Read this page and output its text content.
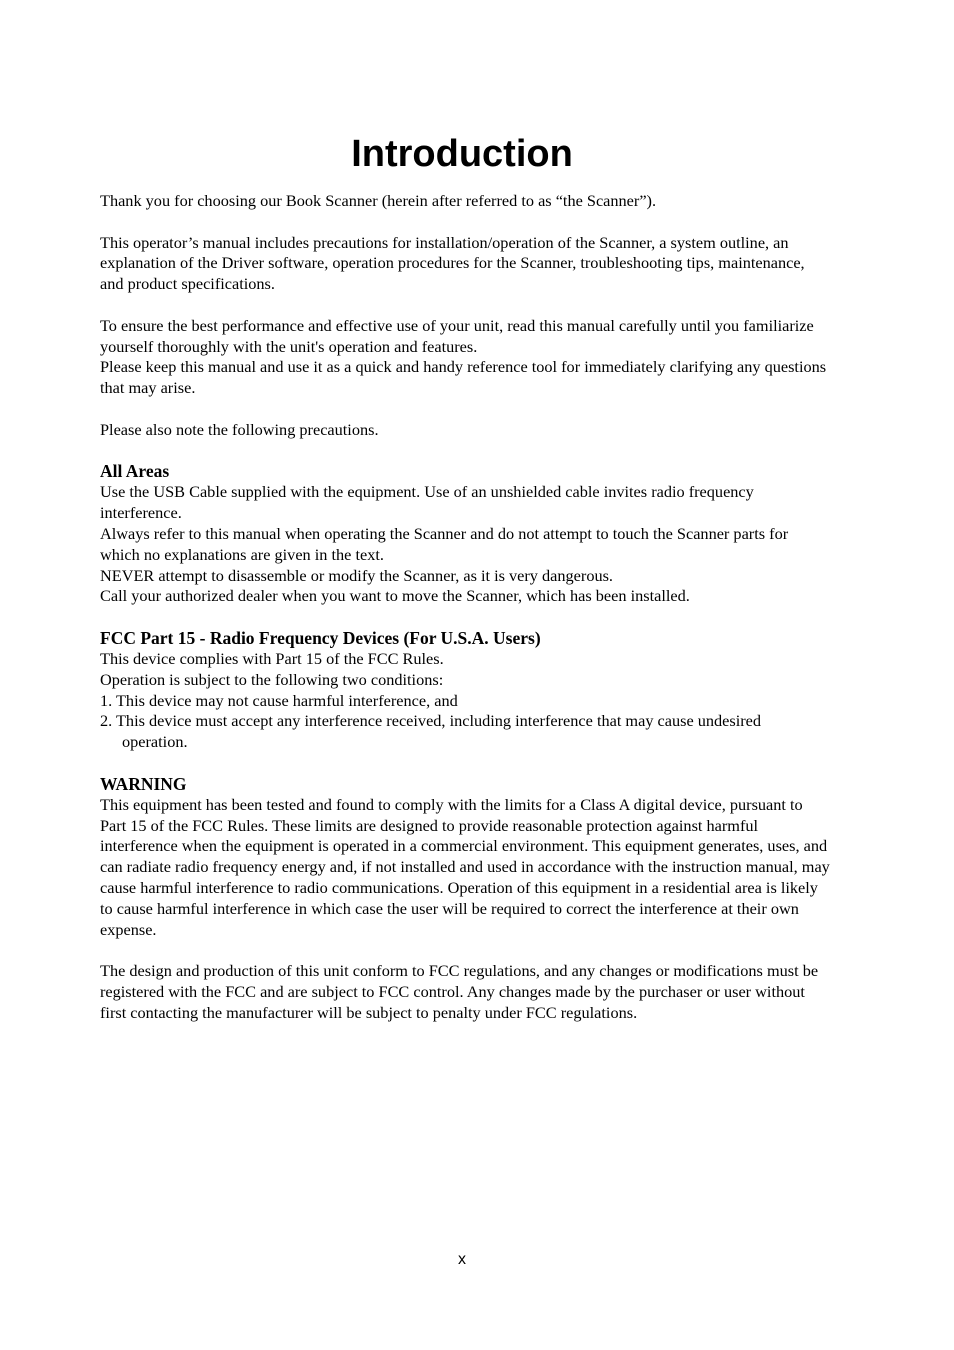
Introduction

Thank you for choosing our Book Scanner (herein after referred to as “the Scanner”).

This operator’s manual includes precautions for installation/operation of the Scanner, a system outline, an explanation of the Driver software, operation procedures for the Scanner, troubleshooting tips, maintenance, and product specifications.

To ensure the best performance and effective use of your unit, read this manual carefully until you familiarize yourself thoroughly with the unit's operation and features.

Please keep this manual and use it as a quick and handy reference tool for immediately clarifying any questions that may arise.

Please also note the following precautions.

All Areas

Use the USB Cable supplied with the equipment. Use of an unshielded cable invites radio frequency interference.

Always refer to this manual when operating the Scanner and do not attempt to touch the Scanner parts for which no explanations are given in the text.

NEVER attempt to disassemble or modify the Scanner, as it is very dangerous.

Call your authorized dealer when you want to move the Scanner, which has been installed.

FCC Part 15 - Radio Frequency Devices (For U.S.A. Users)

This device complies with Part 15 of the FCC Rules.

Operation is subject to the following two conditions:

1. This device may not cause harmful interference, and

2. This device must accept any interference received, including interference that may cause undesired operation.

WARNING

This equipment has been tested and found to comply with the limits for a Class A digital device, pursuant to Part 15 of the FCC Rules. These limits are designed to provide reasonable protection against harmful interference when the equipment is operated in a commercial environment. This equipment generates, uses, and can radiate radio frequency energy and, if not installed and used in accordance with the instruction manual, may cause harmful interference to radio communications. Operation of this equipment in a residential area is likely to cause harmful interference in which case the user will be required to correct the interference at their own expense.

The design and production of this unit conform to FCC regulations, and any changes or modifications must be registered with the FCC and are subject to FCC control. Any changes made by the purchaser or user without first contacting the manufacturer will be subject to penalty under FCC regulations.

x
